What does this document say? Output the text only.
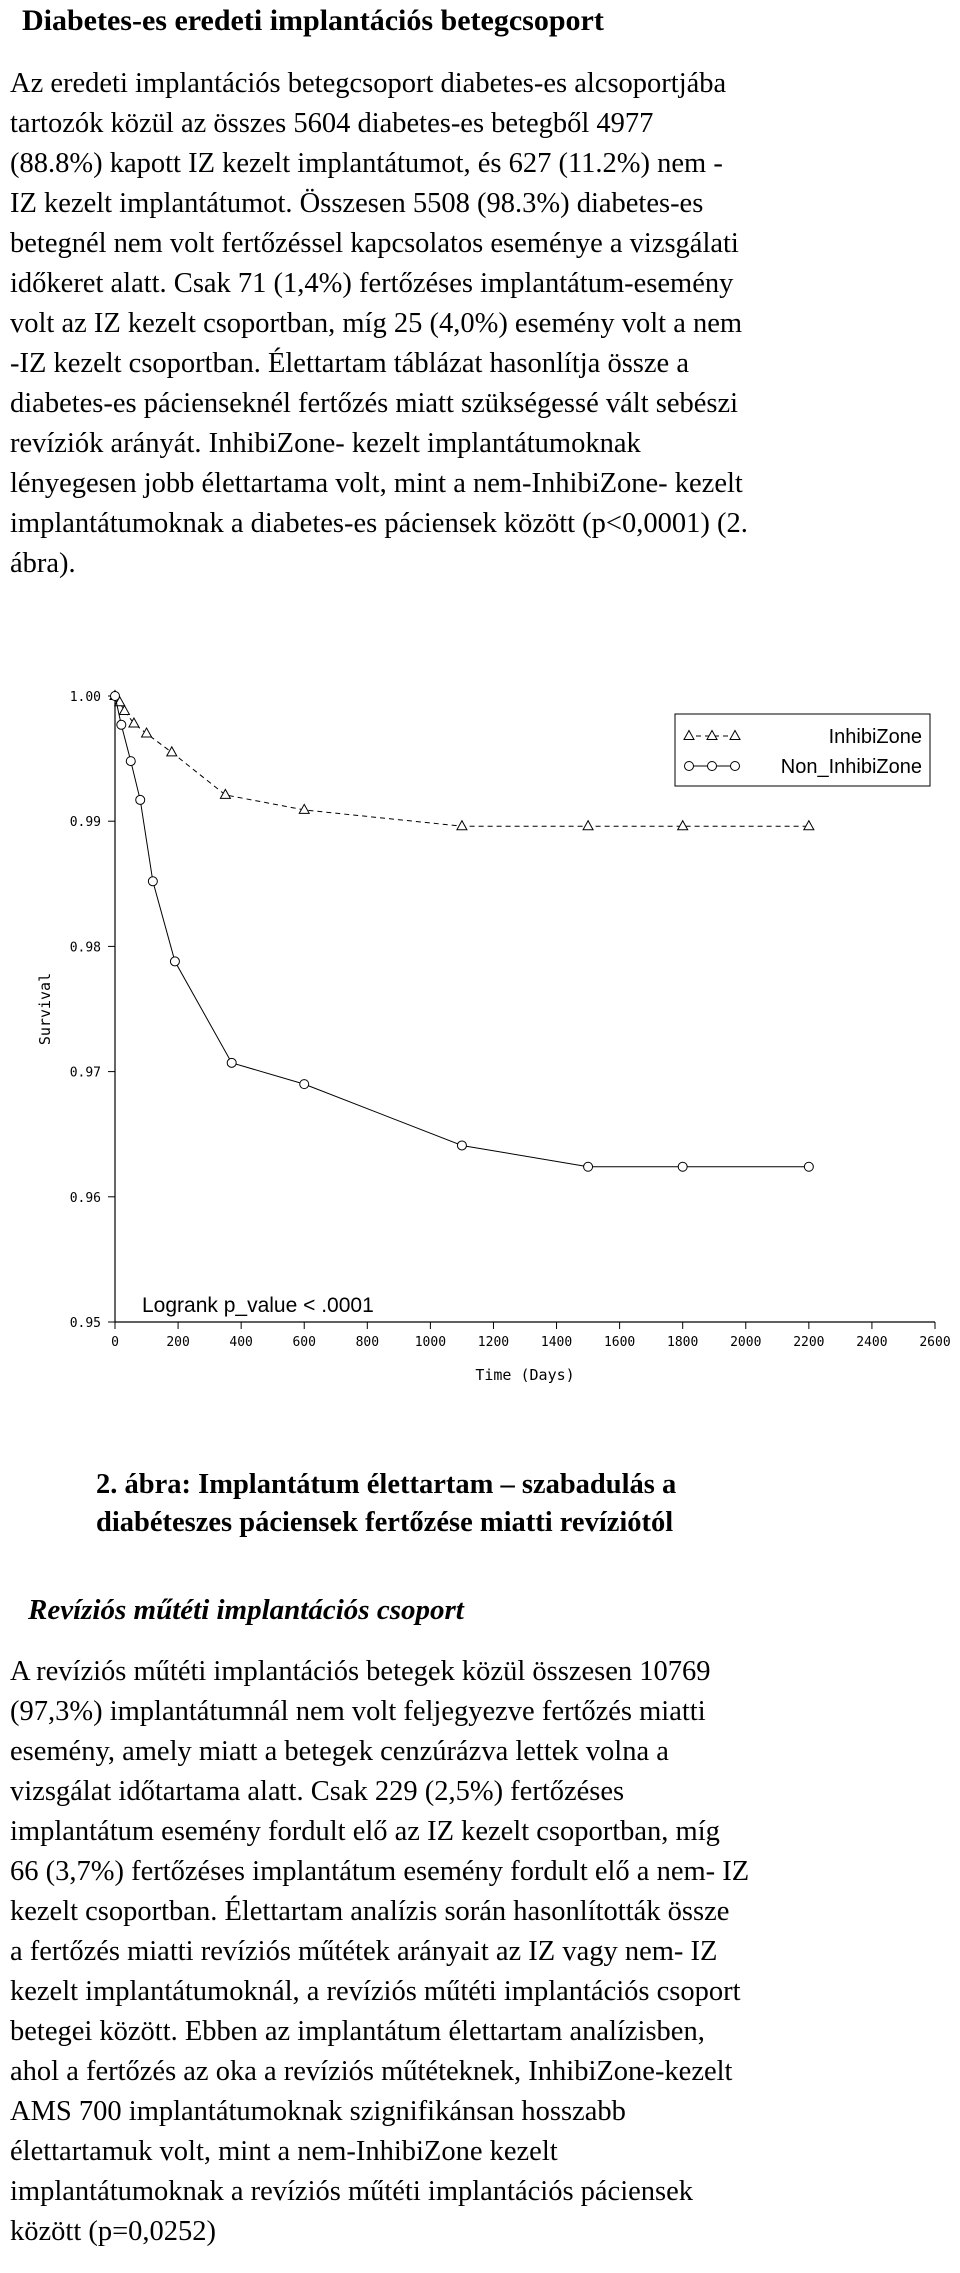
Diabetes-es eredeti implantációs betegcsoport
Az eredeti implantációs betegcsoport diabetes-es alcsoportjába
tartozók közül az összes 5604 diabetes-es betegből 4977
(88.8%) kapott IZ kezelt implantátumot, és 627 (11.2%) nem -
IZ kezelt implantátumot. Összesen 5508 (98.3%) diabetes-es
betegnél nem volt fertőzéssel kapcsolatos eseménye a vizsgálati
időkeret alatt. Csak 71 (1,4%) fertőzéses implantátum-esemény
volt az IZ kezelt csoportban, míg 25 (4,0%) esemény volt a nem
-IZ kezelt csoportban. Élettartam táblázat hasonlítja össze a
diabetes-es pácienseknél fertőzés miatt szükségessé vált sebészi
revíziók arányát. InhibiZone- kezelt implantátumoknak
lényegesen jobb élettartama volt, mint a nem-InhibiZone- kezelt
implantátumoknak a diabetes-es páciensek között (p<0,0001) (2.
ábra).
0	200	400	600	800	1000 1200 1400 1600 1800 2000 2200 2400 2600
1.00
0.99
0.98
0.97
0.96
0.95
Time (Days)
Survival
InhibiZone
Non_InhibiZone
Logrank p_value < .0001
2. ábra: Implantátum élettartam – szabadulás a
diabéteszes páciensek fertőzése miatti revíziótól
Revíziós műtéti implantációs csoport
A revíziós műtéti implantációs betegek közül összesen 10769
(97,3%) implantátumnál nem volt feljegyezve fertőzés miatti
esemény, amely miatt a betegek cenzúrázva lettek volna a
vizsgálat időtartama alatt. Csak 229 (2,5%) fertőzéses
implantátum esemény fordult elő az IZ kezelt csoportban, míg
66 (3,7%) fertőzéses implantátum esemény fordult elő a nem- IZ
kezelt csoportban. Élettartam analízis során hasonlították össze
a fertőzés miatti revíziós műtétek arányait az IZ vagy nem- IZ
kezelt implantátumoknál, a revíziós műtéti implantációs csoport
betegei között. Ebben az implantátum élettartam analízisben,
ahol a fertőzés az oka a revíziós műtéteknek, InhibiZone-kezelt
AMS 700 implantátumoknak szignifikánsan hosszabb
élettartamuk volt, mint a nem-InhibiZone kezelt
implantátumoknak a revíziós műtéti implantációs páciensek
között (p=0,0252)
